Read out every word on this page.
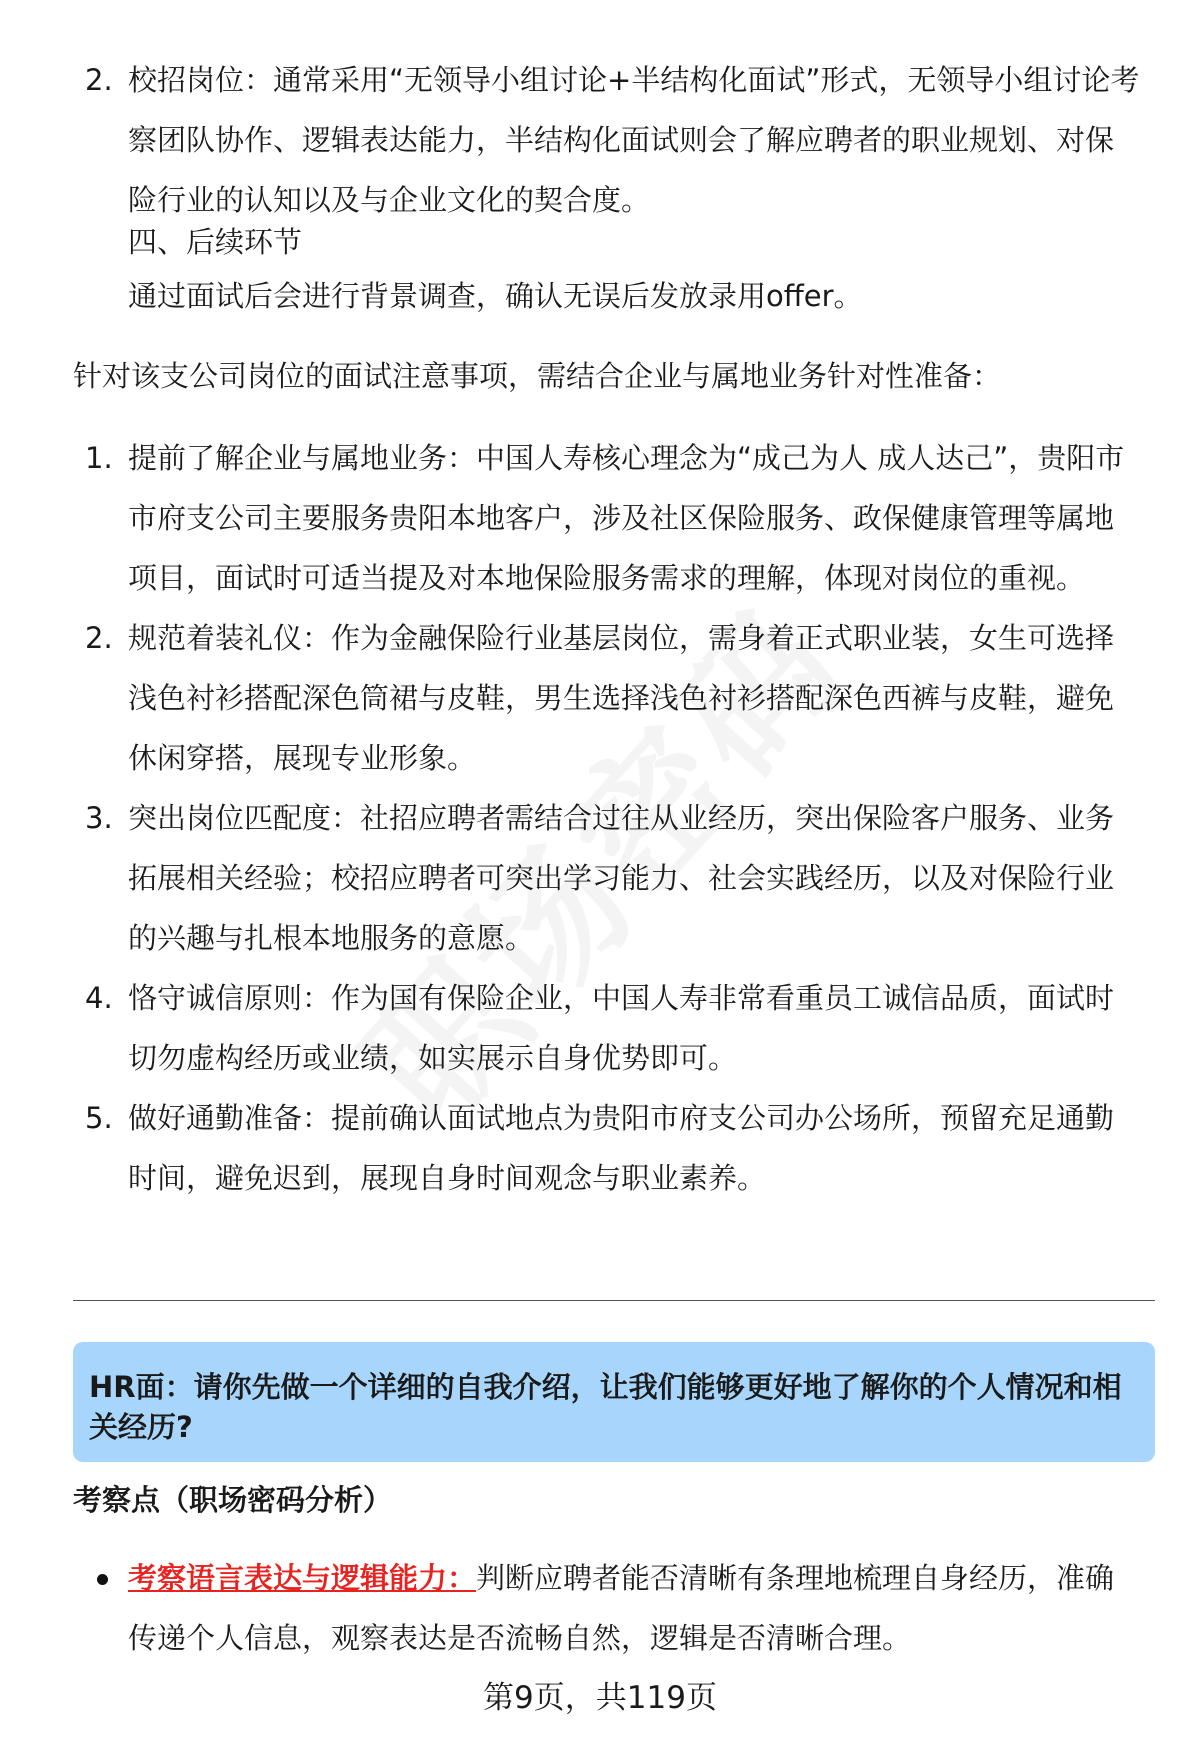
2. 校招岗位：通常采用“无领导小组讨论+半结构化面试”形式，无领导小组讨论考察团队协作、逻辑表达能力，半结构化面试则会了解应聘者的职业规划、对保险行业的认知以及与企业文化的契合度。
四、后续环节
通过面试后会进行背景调查，确认无误后发放录用offer。
针对该支公司岗位的面试注意事项，需结合企业与属地业务针对性准备：
1. 提前了解企业与属地业务：中国人寿核心理念为“成己为人 成人达己”，贵阳市市府支公司主要服务贵阳本地客户，涉及社区保险服务、政保健康管理等属地项目，面试时可适当提及对本地保险服务需求的理解，体现对岗位的重视。
2. 规范着装礼仪：作为金融保险行业基层岗位，需身着正式职业装，女生可选择浅色衬衫搭配深色筒裙与皮鞋，男生选择浅色衬衫搭配深色西裤与皮鞋，避免休闲穿搭，展现专业形象。
3. 突出岗位匹配度：社招应聘者需结合过往从业经历，突出保险客户服务、业务拓展相关经验；校招应聘者可突出学习能力、社会实践经历，以及对保险行业的兴趣与扎根本地服务的意愿。
4. 恪守诚信原则：作为国有保险企业，中国人寿非常看重员工诚信品质，面试时切勿虚构经历或业绩，如实展示自身优势即可。
5. 做好通勤准备：提前确认面试地点为贵阳市府支公司办公场所，预留充足通勤时间，避免迟到，展现自身时间观念与职业素养。
HR面：请你先做一个详细的自我介绍，让我们能够更好地了解你的个人情况和相关经历?
考察点（职场密码分析）
考察语言表达与逻辑能力：判断应聘者能否清晰有条理地梳理自身经历，准确传递个人信息，观察表达是否流畅自然，逻辑是否清晰合理。
第9页，共119页
